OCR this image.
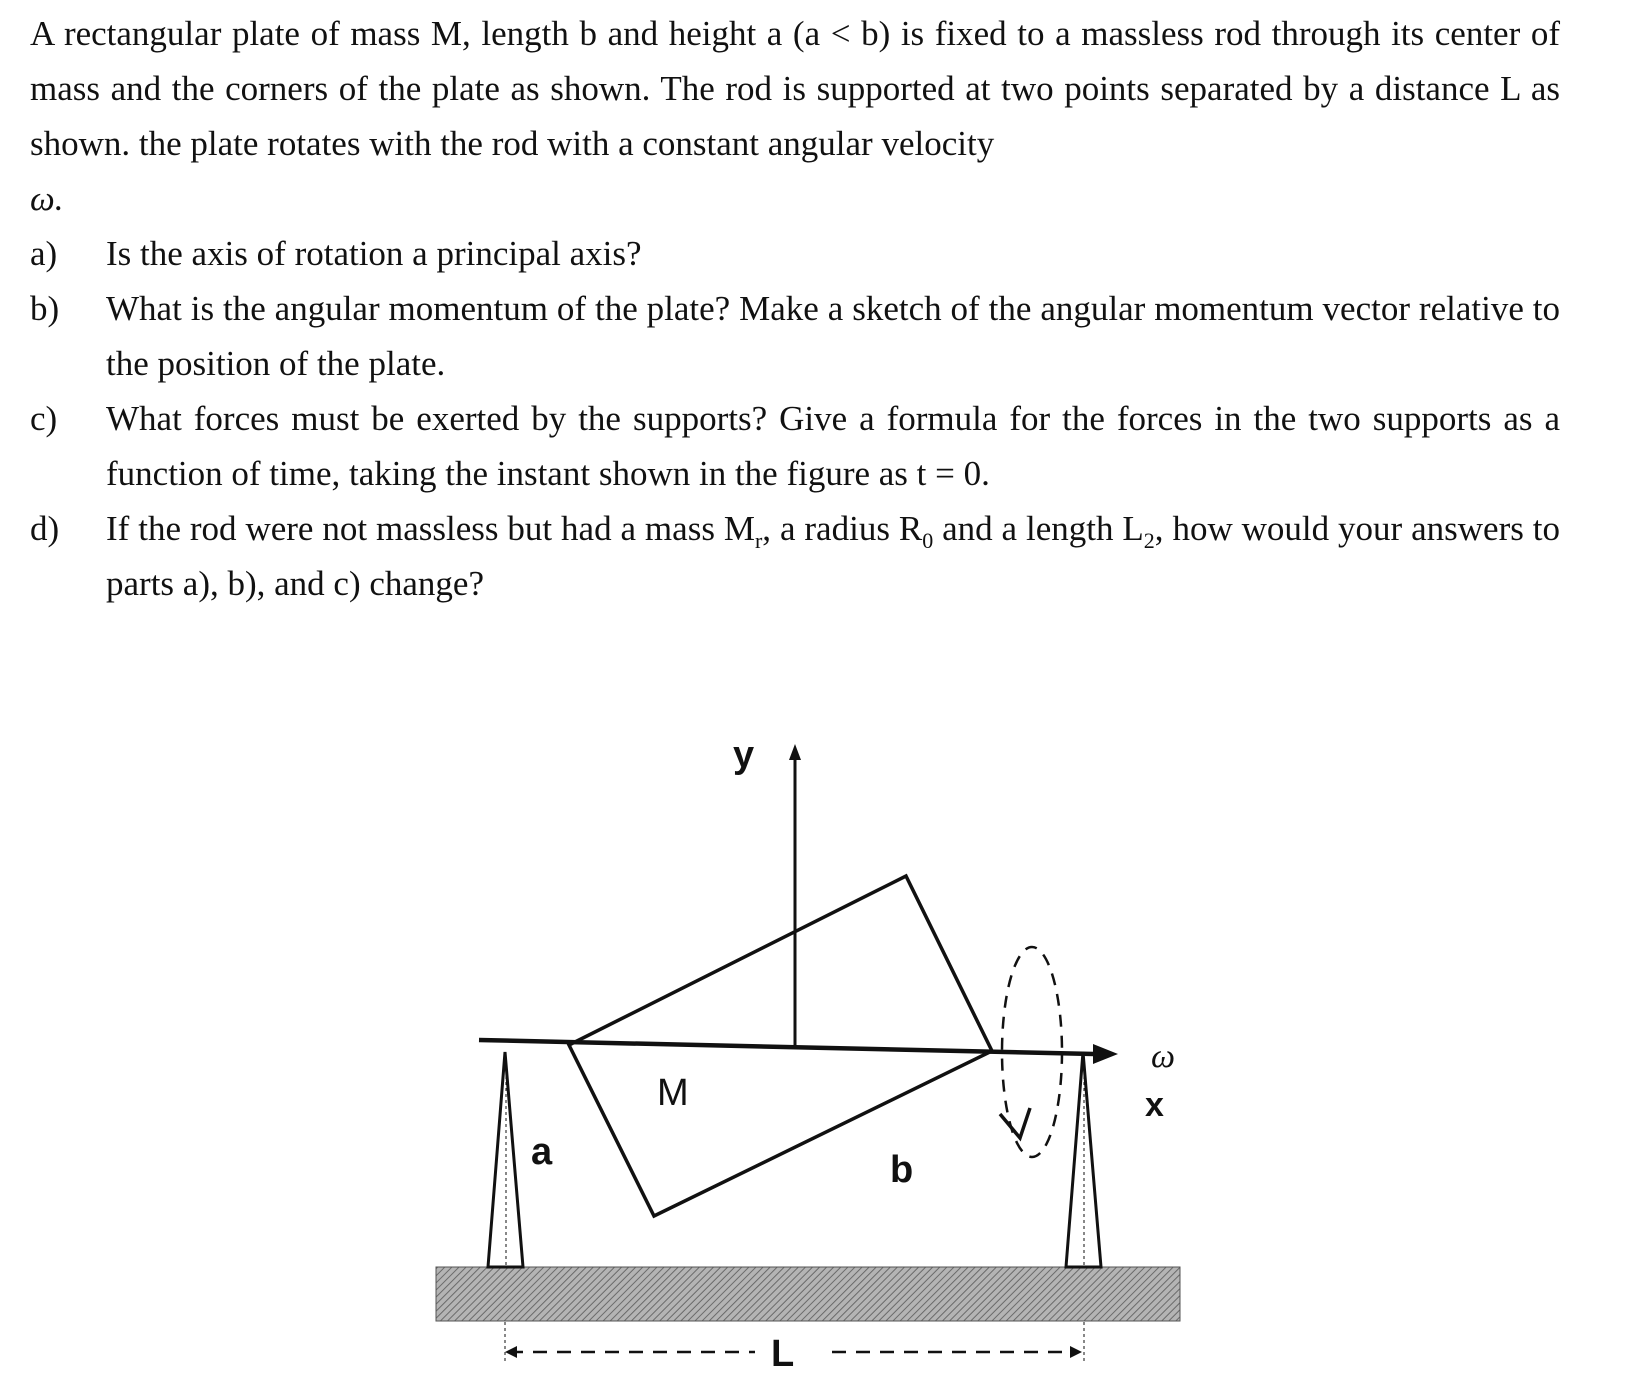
A rectangular plate of mass M, length b and height a (a < b) is fixed to a massless rod through its center of mass and the corners of the plate as shown. The rod is supported at two points separated by a distance L as shown. the plate rotates with the rod with a constant angular velocity
ω.
a) Is the axis of rotation a principal axis?
b) What is the angular momentum of the plate? Make a sketch of the angular momentum vector relative to the position of the plate.
c) What forces must be exerted by the supports? Give a formula for the forces in the two supports as a function of time, taking the instant shown in the figure as t = 0.
d) If the rod were not massless but had a mass $M_r$, a radius $R_0$ and a length $L_2$, how would your answers to parts a), b), and c) change?
y
ω
x
M
a	b
L
